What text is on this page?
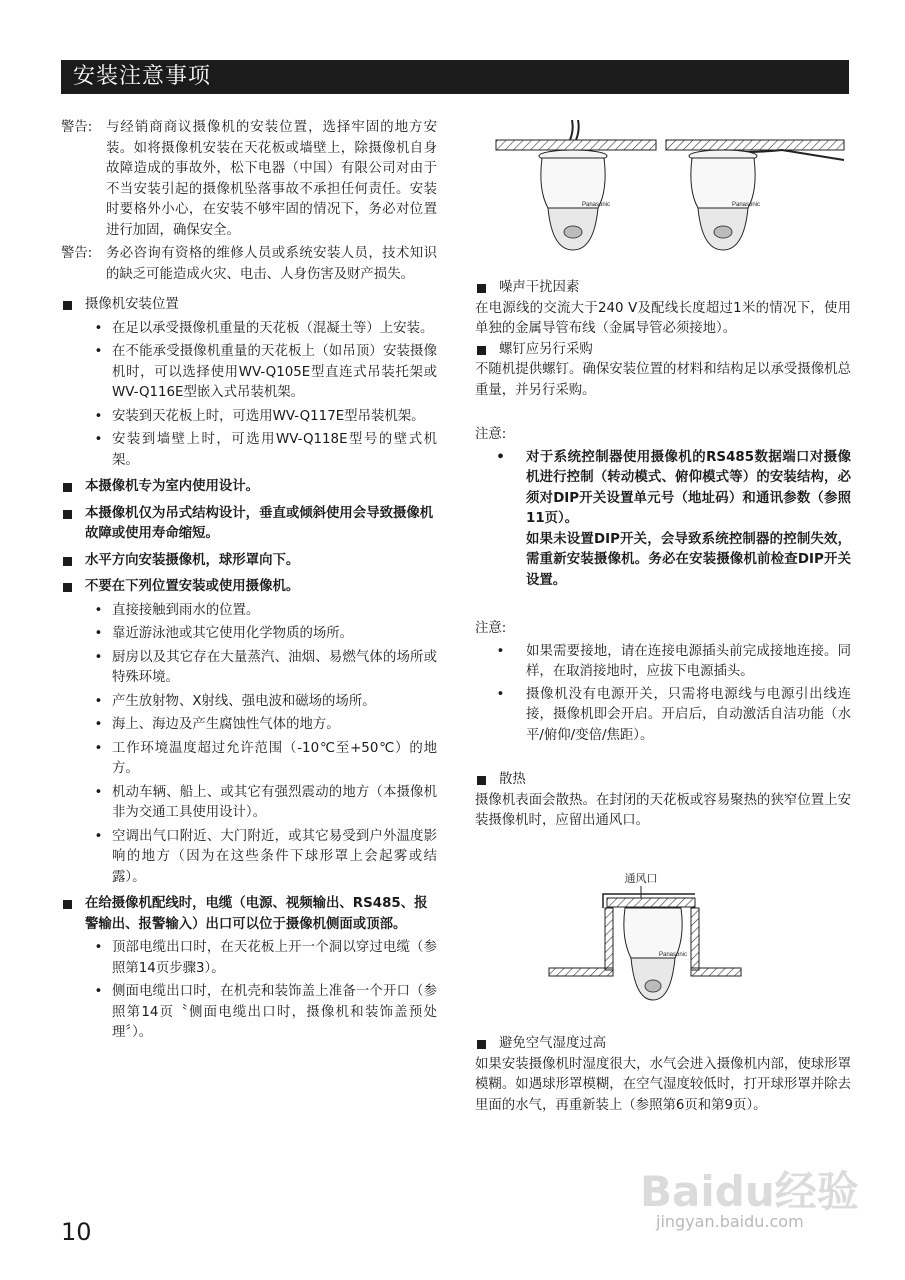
安装注意事项
警告:	与经销商商议摄像机的安装位置，选择牢固的地方安装。如将摄像机安装在天花板或墙壁上，除摄像机自身故障造成的事故外，松下电器（中国）有限公司对由于不当安装引起的摄像机坠落事故不承担任何责任。安装时要格外小心，在安装不够牢固的情况下，务必对位置进行加固，确保安全。
警告:	务必咨询有资格的维修人员或系统安装人员，技术知识的缺乏可能造成火灾、电击、人身伤害及财产损失。
摄像机安装位置
• 在足以承受摄像机重量的天花板（混凝土等）上安装。
• 在不能承受摄像机重量的天花板上（如吊顶）安装摄像机时，可以选择使用WV-Q105E型直连式吊装托架或WV-Q116E型嵌入式吊装机架。
• 安装到天花板上时，可选用WV-Q117E型吊装机架。
• 安装到墙壁上时，可选用WV-Q118E型号的壁式机架。
本摄像机专为室内使用设计。
本摄像机仅为吊式结构设计，垂直或倾斜使用会导致摄像机故障或使用寿命缩短。
水平方向安装摄像机，球形罩向下。
不要在下列位置安装或使用摄像机。
• 直接接触到雨水的位置。
• 靠近游泳池或其它使用化学物质的场所。
• 厨房以及其它存在大量蒸汽、油烟、易燃气体的场所或特殊环境。
• 产生放射物、X射线、强电波和磁场的场所。
• 海上、海边及产生腐蚀性气体的地方。
• 工作环境温度超过允许范围（-10℃至+50℃）的地方。
• 机动车辆、船上、或其它有强烈震动的地方（本摄像机非为交通工具使用设计）。
• 空调出气口附近、大门附近，或其它易受到户外温度影响的地方（因为在这些条件下球形罩上会起雾或结露）。
在给摄像机配线时，电缆（电源、视频输出、RS485、报警输出、报警输入）出口可以位于摄像机侧面或顶部。
• 顶部电缆出口时，在天花板上开一个洞以穿过电缆（参照第14页步骤3）。
• 侧面电缆出口时，在机壳和装饰盖上准备一个开口（参照第14页〝侧面电缆出口时，摄像机和装饰盖预处理〞）。
Panasonic	Panasonic
噪声干扰因素
在电源线的交流大于240 V及配线长度超过1米的情况下，使用单独的金属导管布线（金属导管必须接地）。
螺钉应另行采购
不随机提供螺钉。确保安装位置的材料和结构足以承受摄像机总重量，并另行采购。
注意:
•	对于系统控制器使用摄像机的RS485数据端口对摄像机进行控制（转动模式、俯仰模式等）的安装结构，必须对DIP开关设置单元号（地址码）和通讯参数（参照11页）。
如果未设置DIP开关，会导致系统控制器的控制失效，需重新安装摄像机。务必在安装摄像机前检查DIP开关设置。
注意:
•	如果需要接地，请在连接电源插头前完成接地连接。同样，在取消接地时，应拔下电源插头。
•	摄像机没有电源开关，只需将电源线与电源引出线连接，摄像机即会开启。开启后，自动激活自洁功能（水平/俯仰/变倍/焦距）。
散热
摄像机表面会散热。在封闭的天花板或容易聚热的狭窄位置上安装摄像机时，应留出通风口。
通风口
Panasonic
避免空气湿度过高
如果安装摄像机时湿度很大，水气会进入摄像机内部，使球形罩模糊。如遇球形罩模糊，在空气湿度较低时，打开球形罩并除去里面的水气，再重新装上（参照第6页和第9页）。
10
Baidu经验
jingyan.baidu.com
